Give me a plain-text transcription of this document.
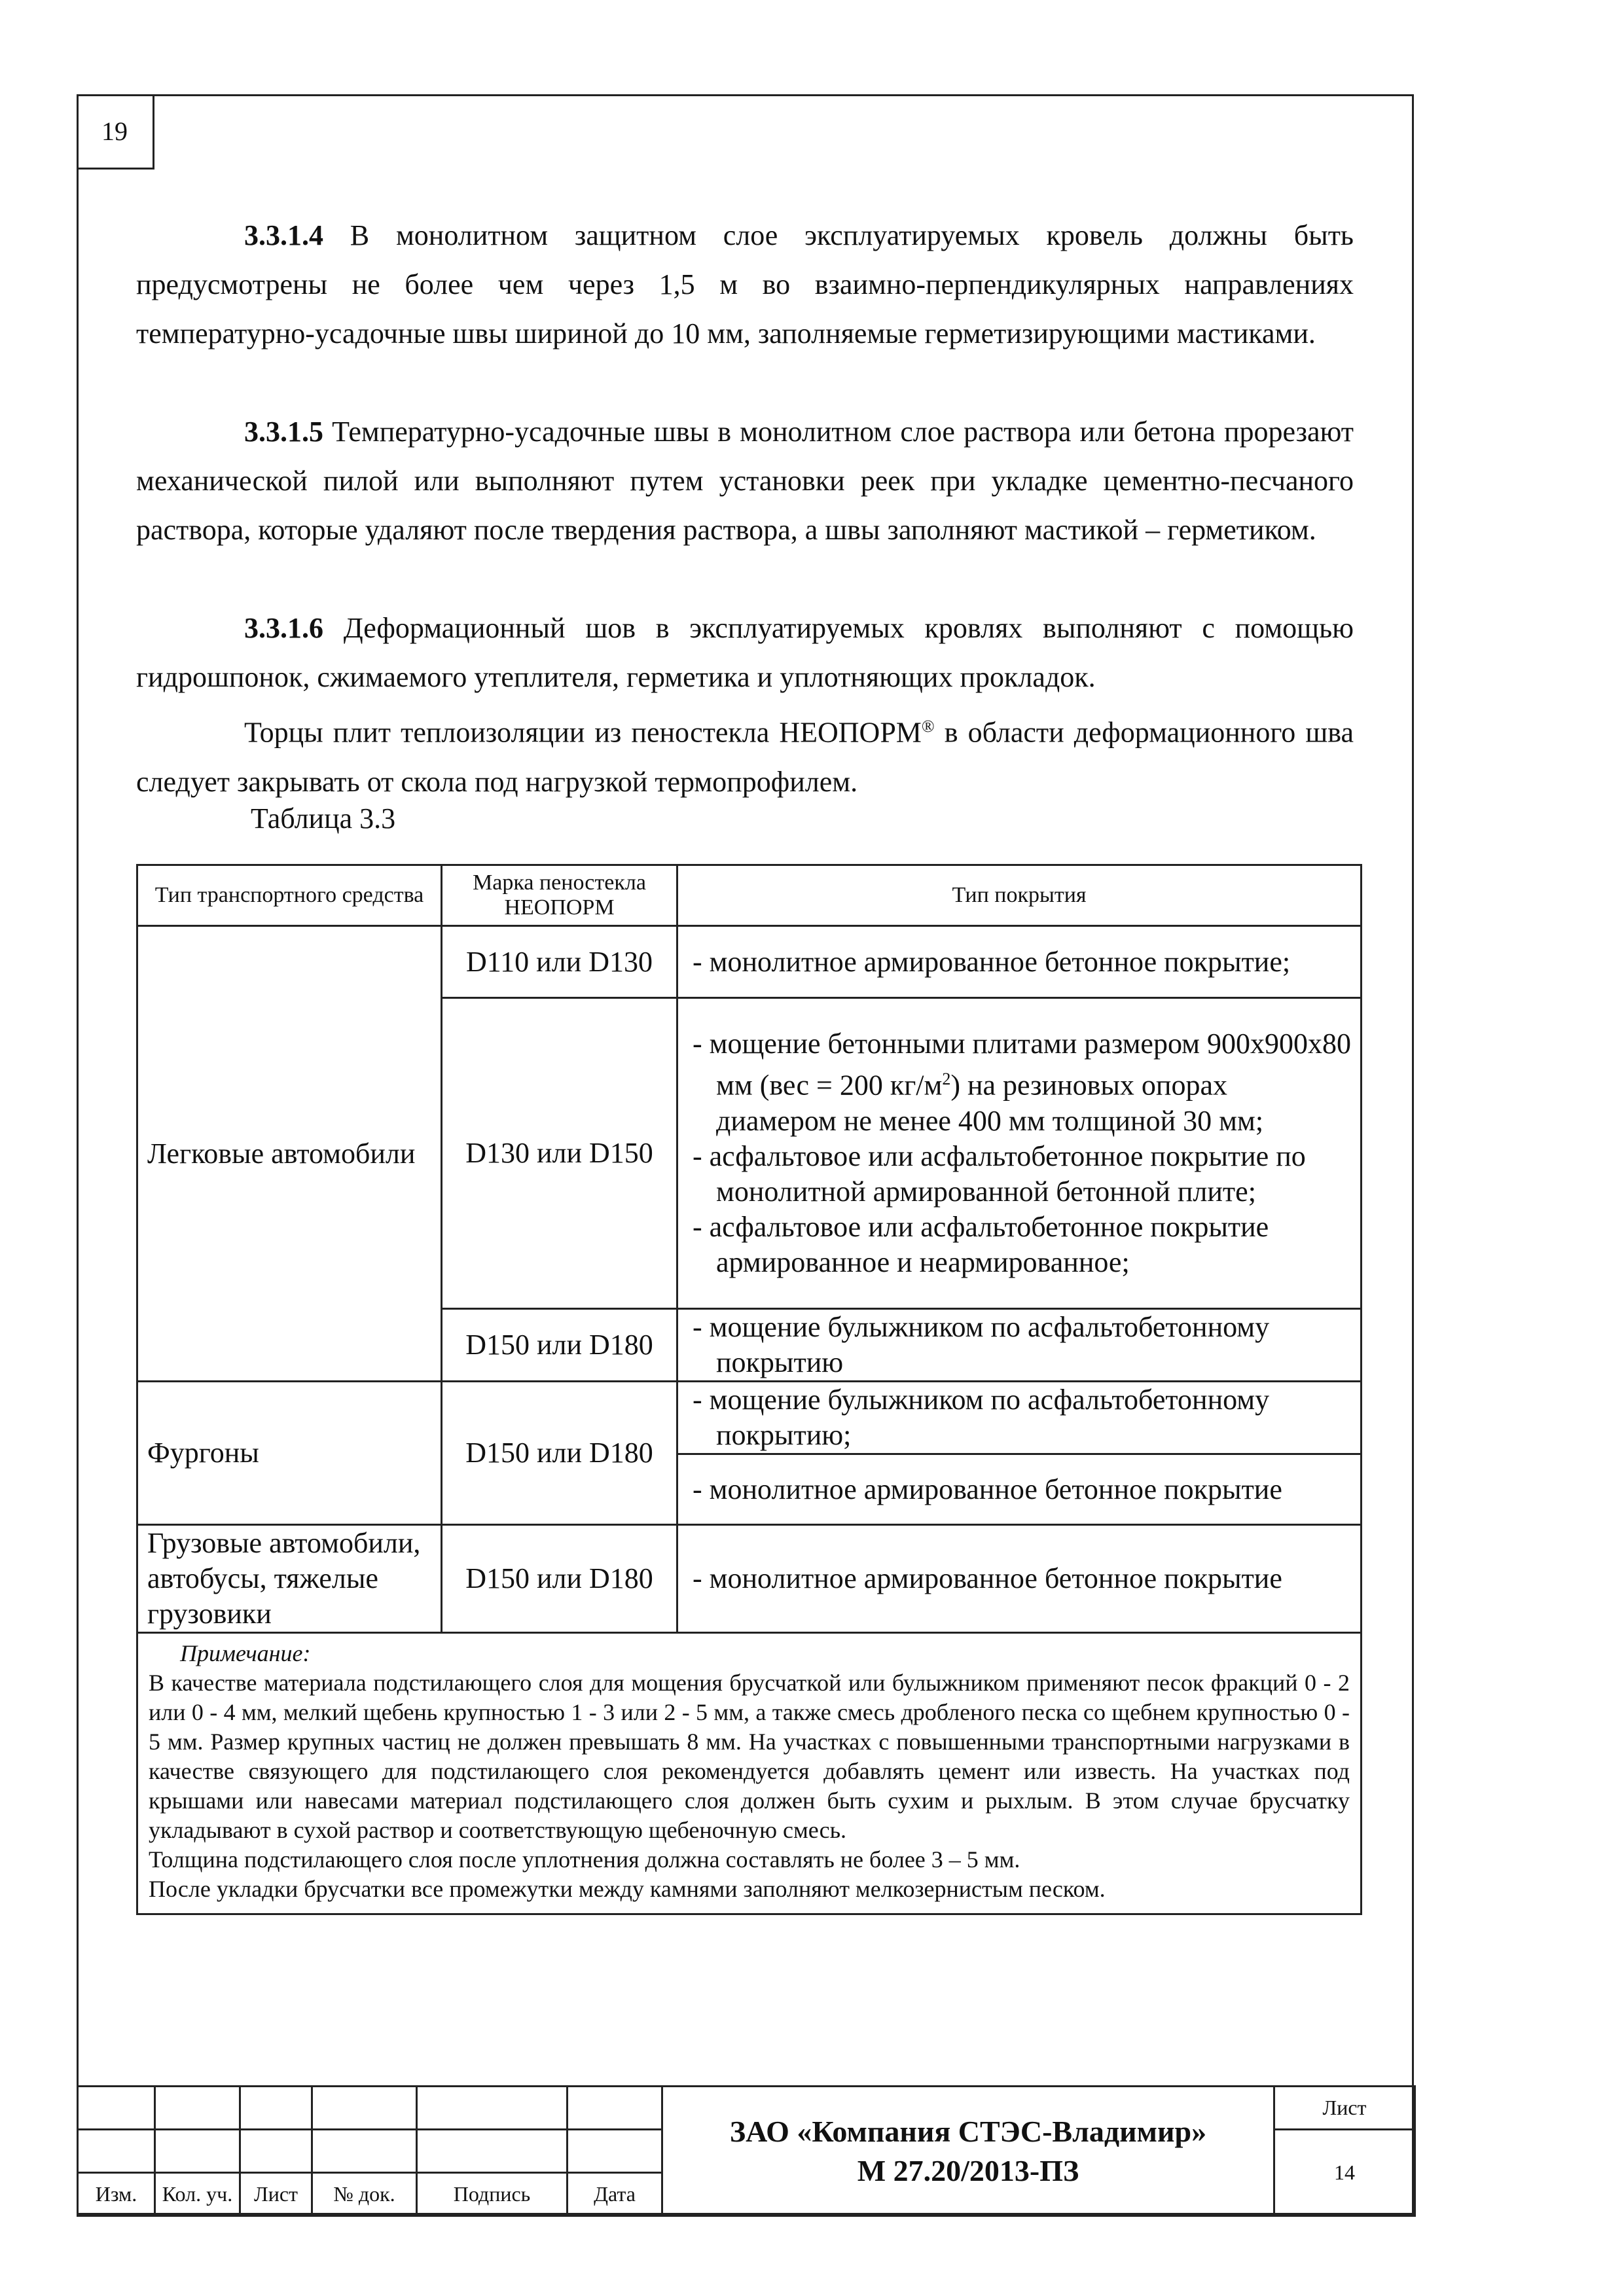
19
3.3.1.4 В монолитном защитном слое эксплуатируемых кровель должны быть предусмотрены не более чем через 1,5 м во взаимно-перпендикулярных направлениях температурно-усадочные швы шириной до 10 мм, заполняемые герметизирующими мастиками.
3.3.1.5 Температурно-усадочные швы в монолитном слое раствора или бетона прорезают механической пилой или выполняют путем установки реек при укладке цементно-песчаного раствора, которые удаляют после твердения раствора, а швы заполняют мастикой – герметиком.
3.3.1.6 Деформационный шов в эксплуатируемых кровлях выполняют с помощью гидрошпонок, сжимаемого утеплителя, герметика и уплотняющих прокладок.
Торцы плит теплоизоляции из пеностекла НЕОПОРМ® в области деформационного шва следует закрывать от скола под нагрузкой термопрофилем.
Таблица 3.3
Тип транспортного средства	Марка пеностекла НЕОПОРМ	Тип покрытия
Легковые автомобили	D110 или D130	- монолитное армированное бетонное покрытие;

	D130 или D150	- мощение бетонными плитами размером 900х900х80 мм (вес = 200 $кг/м^2$) на резиновых опорах диамером не менее 400 мм толщиной 30 мм;

- асфальтовое или асфальтобетонное покрытие по монолитной армированной бетонной плите;

- асфальтовое или асфальтобетонное покрытие армированное и неармированное;

	D150 или D180	- мощение булыжником по асфальтобетонному покрытию

Фургоны	D150 или D180	- мощение булыжником по асфальтобетонному покрытию;

		- монолитное армированное бетонное покрытие

Грузовые автомобили, автобусы, тяжелые грузовики	D150 или D180	- монолитное армированное бетонное покрытие

Примечание:
В качестве материала подстилающего слоя для мощения брусчаткой или булыжником применяют песок фракций 0 - 2 или 0 - 4 мм, мелкий щебень крупностью 1 - 3 или 2 - 5 мм, а также смесь дробленого песка со щебнем крупностью 0 - 5 мм. Размер крупных частиц не должен превышать 8 мм. На участках с повышенными транспортными нагрузками в качестве связующего для подстилающего слоя рекомендуется добавлять цемент или известь. На участках под крышами или навесами материал подстилающего слоя должен быть сухим и рыхлым. В этом случае брусчатку укладывают в сухой раствор и соответствующую щебеночную смесь.
Толщина подстилающего слоя после уплотнения должна составлять не более 3 – 5 мм.
После укладки брусчатки все промежутки между камнями заполняют мелкозернистым песком.		

						ЗАО «Компания СТЭС-Владимир»
М 27.20/2013-ПЗ	Лист
							14
Изм.	Кол. уч.	Лист	№ док.	Подпись	Дата		
